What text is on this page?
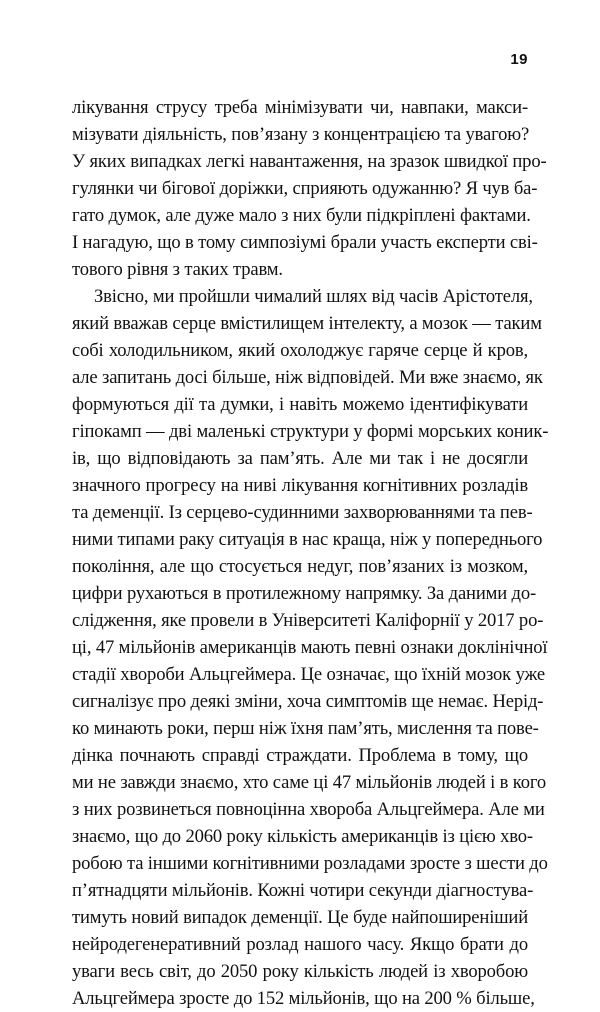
19
лікування струсу треба мінімізувати чи, навпаки, макси-
мізувати діяльність, пов’язану з концентрацією та увагою?
У яких випадках легкі навантаження, на зразок швидкої про-
гулянки чи бігової доріжки, сприяють одужанню? Я чув ба-
гато думок, але дуже мало з них були підкріплені фактами.
І нагадую, що в тому симпозіумі брали участь експерти сві-
тового рівня з таких травм.
Звісно, ми пройшли чималий шлях від часів Арістотеля,
який вважав серце вмістилищем інтелекту, а мозок — таким
собі холодильником, який охолоджує гаряче серце й кров,
але запитань досі більше, ніж відповідей. Ми вже знаємо, як
формуються дії та думки, і навіть можемо ідентифікувати
гіпокамп — дві маленькі структури у формі морських коник-
ів, що відповідають за пам’ять. Але ми так і не досягли
значного прогресу на ниві лікування когнітивних розладів
та деменції. Із серцево-судинними захворюваннями та пев-
ними типами раку ситуація в нас краща, ніж у попереднього
покоління, але що стосується недуг, пов’язаних із мозком,
цифри рухаються в протилежному напрямку. За даними до-
слідження, яке провели в Університеті Каліфорнії у 2017 ро-
ці, 47 мільйонів американців мають певні ознаки доклінічної
стадії хвороби Альцгеймера. Це означає, що їхній мозок уже
сигналізує про деякі зміни, хоча симптомів ще немає. Нерід-
ко минають роки, перш ніж їхня пам’ять, мислення та пове-
дінка почнають справді страждати. Проблема в тому, що
ми не завжди знаємо, хто саме ці 47 мільйонів людей і в кого
з них розвинеться повноцінна хвороба Альцгеймера. Але ми
знаємо, що до 2060 року кількість американців із цією хво-
робою та іншими когнітивними розладами зросте з шести до
п’ятнадцяти мільйонів. Кожні чотири секунди діагностува-
тимуть новий випадок деменції. Це буде найпоширеніший
нейродегенеративний розлад нашого часу. Якщо брати до
уваги весь світ, до 2050 року кількість людей із хворобою
Альцгеймера зросте до 152 мільйонів, що на 200 % більше,
